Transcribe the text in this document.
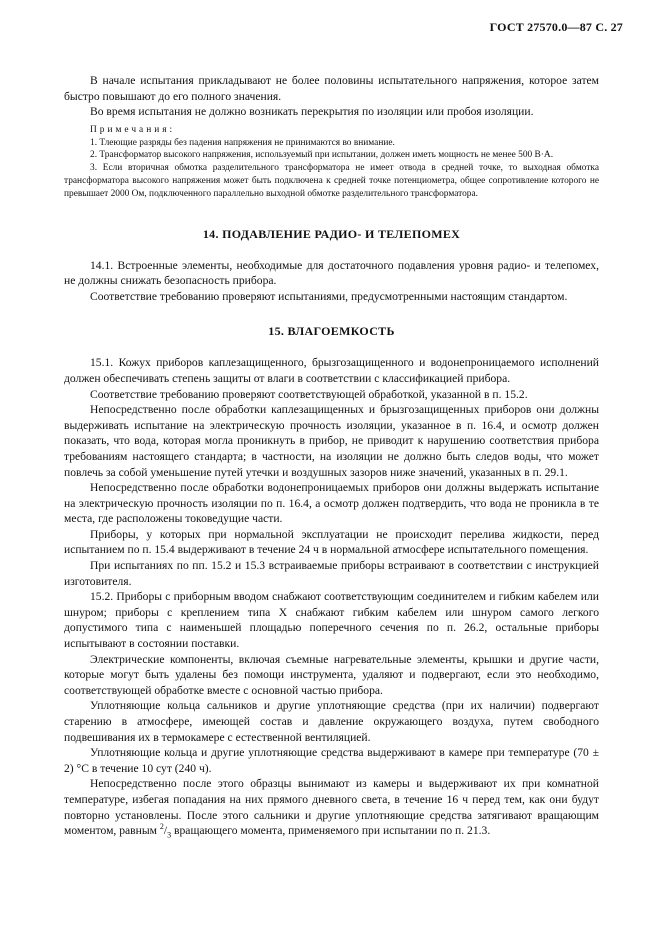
ГОСТ 27570.0—87 С. 27

В начале испытания прикладывают не более половины испытательного напряжения, которое затем быстро повышают до его полного значения.

Во время испытания не должно возникать перекрытия по изоляции или пробоя изоляции.

Примечания:
1. Тлеющие разряды без падения напряжения не принимаются во внимание.
2. Трансформатор высокого напряжения, используемый при испытании, должен иметь мощность не менее 500 В·А.
3. Если вторичная обмотка разделительного трансформатора не имеет отвода в средней точке, то выходная обмотка трансформатора высокого напряжения может быть подключена к средней точке потенциометра, общее сопротивление которого не превышает 2000 Ом, подключенного параллельно выходной обмотке разделительного трансформатора.
14. ПОДАВЛЕНИЕ РАДИО- И ТЕЛЕПОМЕХ

14.1. Встроенные элементы, необходимые для достаточного подавления уровня радио- и телепомех, не должны снижать безопасность прибора.

Соответствие требованию проверяют испытаниями, предусмотренными настоящим стандартом.

15. ВЛАГОЕМКОСТЬ

15.1. Кожух приборов каплезащищенного, брызгозащищенного и водонепроницаемого исполнений должен обеспечивать степень защиты от влаги в соответствии с классификацией прибора.

Соответствие требованию проверяют соответствующей обработкой, указанной в п. 15.2.

Непосредственно после обработки каплезащищенных и брызгозащищенных приборов они должны выдерживать испытание на электрическую прочность изоляции, указанное в п. 16.4, и осмотр должен показать, что вода, которая могла проникнуть в прибор, не приводит к нарушению соответствия прибора требованиям настоящего стандарта; в частности, на изоляции не должно быть следов воды, что может повлечь за собой уменьшение путей утечки и воздушных зазоров ниже значений, указанных в п. 29.1.

Непосредственно после обработки водонепроницаемых приборов они должны выдержать испытание на электрическую прочность изоляции по п. 16.4, а осмотр должен подтвердить, что вода не проникла в те места, где расположены токоведущие части.

Приборы, у которых при нормальной эксплуатации не происходит перелива жидкости, перед испытанием по п. 15.4 выдерживают в течение 24 ч в нормальной атмосфере испытательного помещения.

При испытаниях по пп. 15.2 и 15.3 встраиваемые приборы встраивают в соответствии с инструкцией изготовителя.

15.2. Приборы с приборным вводом снабжают соответствующим соединителем и гибким кабелем или шнуром; приборы с креплением типа X снабжают гибким кабелем или шнуром самого легкого допустимого типа с наименьшей площадью поперечного сечения по п. 26.2, остальные приборы испытывают в состоянии поставки.

Электрические компоненты, включая съемные нагревательные элементы, крышки и другие части, которые могут быть удалены без помощи инструмента, удаляют и подвергают, если это необходимо, соответствующей обработке вместе с основной частью прибора.

Уплотняющие кольца сальников и другие уплотняющие средства (при их наличии) подвергают старению в атмосфере, имеющей состав и давление окружающего воздуха, путем свободного подвешивания их в термокамере с естественной вентиляцией.

Уплотняющие кольца и другие уплотняющие средства выдерживают в камере при температуре (70 ± 2) °С в течение 10 сут (240 ч).

Непосредственно после этого образцы вынимают из камеры и выдерживают их при комнатной температуре, избегая попадания на них прямого дневного света, в течение 16 ч перед тем, как они будут повторно установлены. После этого сальники и другие уплотняющие средства затягивают вращающим моментом, равным $^2/_3$ вращающего момента, применяемого при испытании по п. 21.3.
